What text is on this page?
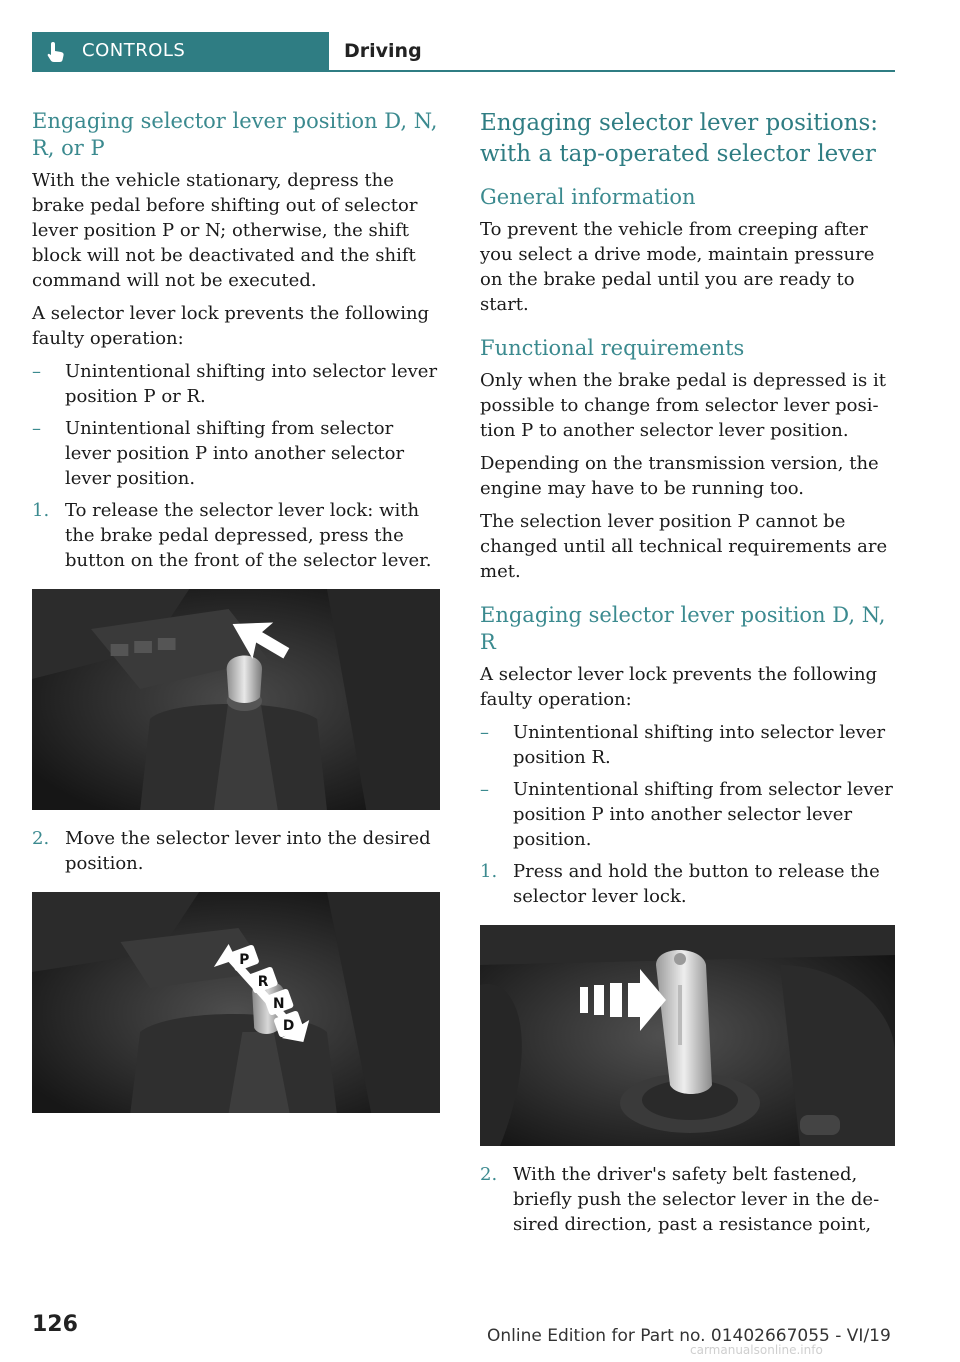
CONTROLS	Driving
Engaging selector lever position D, N, R, or P

With the vehicle stationary, depress the brake pedal before shifting out of selector lever position P or N; otherwise, the shift block will not be deactivated and the shift command will not be executed.

A selector lever lock prevents the following faulty operation:

– Unintentional shifting into selector lever position P or R.
– Unintentional shifting from selector lever position P into another selector lever position.
1. To release the selector lever lock: with the brake pedal depressed, press the button on the front of the selector lever.
2. Move the selector lever into the desired position.
P
R
N
D
Engaging selector lever positions: with a tap-operated selector lever
General information

To prevent the vehicle from creeping after you select a drive mode, maintain pressure on the brake pedal until you are ready to start.

Functional requirements

Only when the brake pedal is depressed is it possible to change from selector lever posi‐ tion P to another selector lever position.

Depending on the transmission version, the engine may have to be running too.

The selection lever position P cannot be changed until all technical requirements are met.

Engaging selector lever position D, N, R

A selector lever lock prevents the following faulty operation:

– Unintentional shifting into selector lever position R.
– Unintentional shifting from selector lever position P into another selector lever position.
1. Press and hold the button to release the selector lever lock.
2. With the driver's safety belt fastened, briefly push the selector lever in the de‐ sired direction, past a resistance point,
126	Online Edition for Part no. 01402667055 - VI/19
carmanualsonline.info
